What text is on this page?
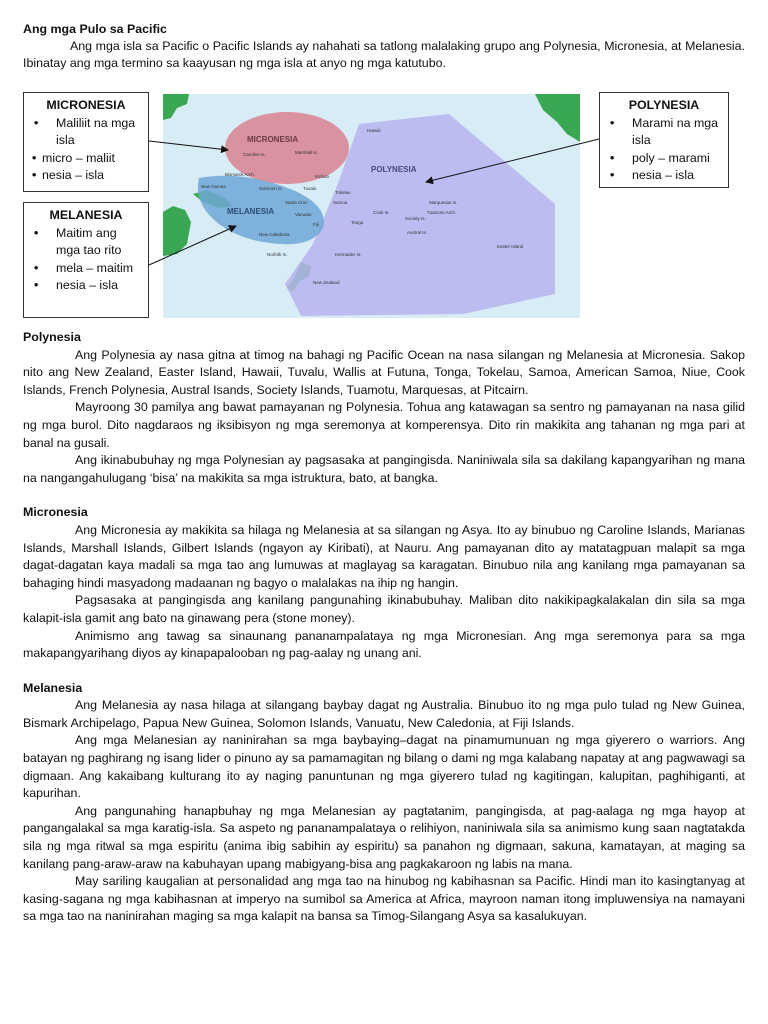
Ang mga Pulo sa Pacific

Ang mga isla sa Pacific o Pacific Islands ay nahahati sa tatlong malalaking grupo ang Polynesia, Micronesia, at Melanesia. Ibinatay ang mga termino sa kaayusan ng mga isla at anyo ng mga katutubo.

MICRONESIA
• Maliliit na mga isla
• micro – maliit
• nesia – isla
MELANESIA
• Maitim ang mga tao rito
• mela – maitim
• nesia – isla
POLYNESIA
• Marami na mga isla
• poly – marami
• nesia – isla
MICRONESIA
MELANESIA
POLYNESIA
Hawaii
Caroline Is.	Marshall Is.
Kiribati
New Guinea
Bismarck Arch.
Solomon Is.	Tuvalu
Tokelau
Samoa
Santa Cruz
Vanuatu
Fiji
New Caledonia
Norfolk Is.
Cook Is.
Society Is.
Tuamotu Arch.
Marquesas Is.
Austral Is.
Kermadec Is.
New Zealand
Easter Island
Tonga
Polynesia

Ang Polynesia ay nasa gitna at timog na bahagi ng Pacific Ocean na nasa silangan ng Melanesia at Micronesia. Sakop nito ang New Zealand, Easter Island, Hawaii, Tuvalu, Wallis at Futuna, Tonga, Tokelau, Samoa, American Samoa, Niue, Cook Islands, French Polynesia, Austral Isands, Society Islands, Tuamotu, Marquesas, at Pitcairn.

Mayroong 30 pamilya ang bawat pamayanan ng Polynesia. Tohua ang katawagan sa sentro ng pamayanan na nasa gilid ng mga burol. Dito nagdaraos ng iksibisyon ng mga seremonya at komperensya. Dito rin makikita ang tahanan ng mga pari at banal na gusali.

Ang ikinabubuhay ng mga Polynesian ay pagsasaka at pangingisda. Naniniwala sila sa dakilang kapangyarihan ng mana na nangangahulugang ‘bisa’ na makikita sa mga istruktura, bato, at bangka.

Micronesia

Ang Micronesia ay makikita sa hilaga ng Melanesia at sa silangan ng Asya. Ito ay binubuo ng Caroline Islands, Marianas Islands, Marshall Islands, Gilbert Islands (ngayon ay Kiribati), at Nauru. Ang pamayanan dito ay matatagpuan malapit sa mga dagat-dagatan kaya madali sa mga tao ang lumuwas at maglayag sa karagatan. Binubuo nila ang kanilang mga pamayanan sa bahaging hindi masyadong madaanan ng bagyo o malalakas na ihip ng hangin.

Pagsasaka at pangingisda ang kanilang pangunahing ikinabubuhay. Maliban dito nakikipagkalakalan din sila sa mga kalapit-isla gamit ang bato na ginawang pera (stone money).

Animismo ang tawag sa sinaunang pananampalataya ng mga Micronesian. Ang mga seremonya para sa mga makapangyarihang diyos ay kinapapalooban ng pag-aalay ng unang ani.

Melanesia

Ang Melanesia ay nasa hilaga at silangang baybay dagat ng Australia. Binubuo ito ng mga pulo tulad ng New Guinea, Bismark Archipelago, Papua New Guinea, Solomon Islands, Vanuatu, New Caledonia, at Fiji Islands.

Ang mga Melanesian ay naninirahan sa mga baybaying–dagat na pinamumunuan ng mga giyerero o warriors. Ang batayan ng paghirang ng isang lider o pinuno ay sa pamamagitan ng bilang o dami ng mga kalabang napatay at ang pagwawagi sa digmaan. Ang kakaibang kulturang ito ay naging panuntunan ng mga giyerero tulad ng kagitingan, kalupitan, paghihiganti, at kapurihan.

Ang pangunahing hanapbuhay ng mga Melanesian ay pagtatanim, pangingisda, at pag-aalaga ng mga hayop at pangangalakal sa mga karatig-isla. Sa aspeto ng pananampalataya o relihiyon, naniniwala sila sa animismo kung saan nagtatakda sila ng mga ritwal sa mga espiritu (anima ibig sabihin ay espiritu) sa panahon ng digmaan, sakuna, kamatayan, at maging sa kanilang pang-araw-araw na kabuhayan upang mabigyang-bisa ang pagkakaroon ng labis na mana.

May sariling kaugalian at personalidad ang mga tao na hinubog ng kabihasnan sa Pacific. Hindi man ito kasingtanyag at kasing-sagana ng mga kabihasnan at imperyo na sumibol sa America at Africa, mayroon naman itong impluwensiya na namayani sa mga tao na naninirahan maging sa mga kalapit na bansa sa Timog-Silangang Asya sa kasalukuyan.
